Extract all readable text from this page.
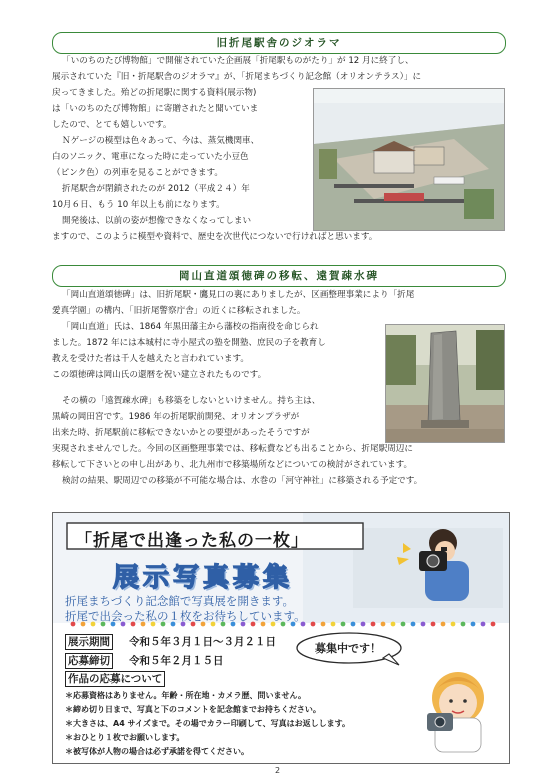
旧折尾駅舎のジオラマ
「いのちのたび博物館」で開催されていた企画展「折尾駅ものがたり」が 12 月に終了し、
展示されていた『旧・折尾駅舎のジオラマ』が、「折尾まちづくり記念館（オリオンテラス）」に
戻ってきました。殆どの折尾駅に関する資料(展示物)
は「いのちのたび博物館」に寄贈されたと聞いていま
したので、とても嬉しいです。
Ｎゲージの模型は色々あって、今は、蒸気機関車、
白のソニック、電車になった時に走っていた小豆色
（ピンク色）の列車を見ることができます。
折尾駅舎が閉鎖されたのが 2012（平成２４）年
10月６日、もう 10 年以上も前になります。
開発後は、以前の姿が想像できなくなってしまい
ますので、このように模型や資料で、歴史を次世代につないで行ければと思います。
岡山直道頌徳碑の移転、遠賀疎水碑
「岡山直道頌徳碑」は、旧折尾駅・鷹見口の裏にありましたが、区画整理事業により「折尾
愛真学園」の構内、「旧折尾警察庁舎」の近くに移転されました。
「岡山直道」氏は、1864 年黒田藩主から藩校の指南役を命じられ
ました。1872 年には本城村に寺小屋式の塾を開塾、庶民の子を教育し
教えを受けた者は千人を越えたと言われています。
この頌徳碑は岡山氏の還暦を祝い建立されたものです。
その横の「遠賀疎水碑」も移築をしないといけません。持ち主は、
黒崎の岡田宮です。1986 年の折尾駅前開発、オリオンプラザが
出来た時、折尾駅前に移転できないかとの要望があったそうですが
実現されませんでした。今回の区画整理事業では、移転費なども出ることから、折尾駅周辺に
移転して下さいとの申し出があり、北九州市で移築場所などについての検討がされています。
検討の結果、駅周辺での移築が不可能な場合は、水巻の「河守神社」に移築される予定です。
「折尾で出逢った私の一枚」
展示写真募集
折尾まちづくり記念館で写真展を開きます。
折尾で出会った私の１枚をお待ちしています。
展示期間 令和５年３月１日～３月２１日
応募締切 令和５年２月１５日
作品の応募について
募集中です！
＊応募資格はありません。年齢・所在地・カメラ歴、問いません。
＊締め切り日まで、写真と下のコメントを記念館までお持ちください。
＊大きさは、A4 サイズまで。その場でカラー印刷して、写真はお返しします。
＊おひとり１枚でお願いします。
＊被写体が人物の場合は必ず承諾を得てください。
2
